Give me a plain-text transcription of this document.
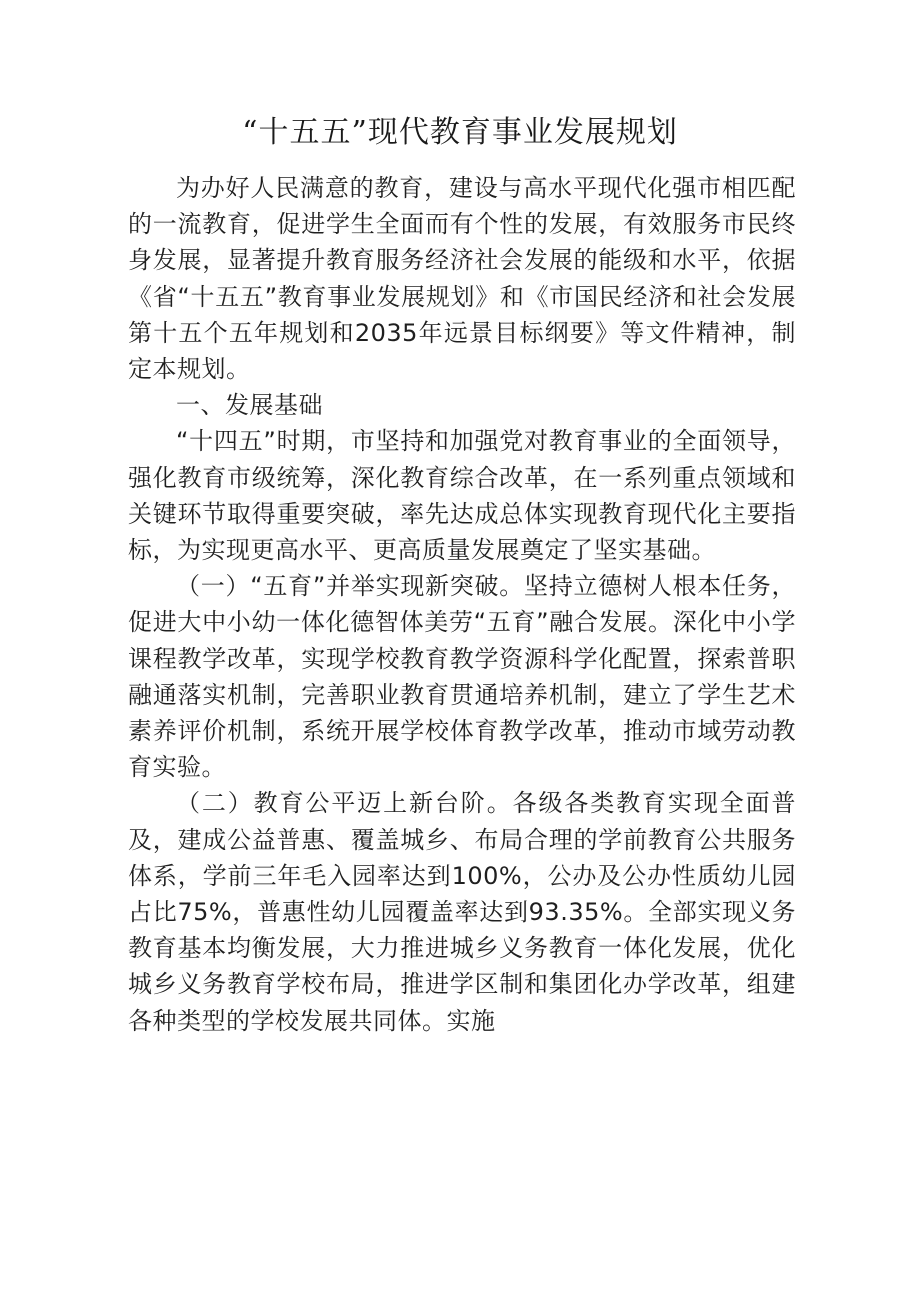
“十五五”现代教育事业发展规划

为办好人民满意的教育，建设与高水平现代化强市相匹配的一流教育，促进学生全面而有个性的发展，有效服务市民终身发展，显著提升教育服务经济社会发展的能级和水平，依据《省“十五五”教育事业发展规划》和《市国民经济和社会发展第十五个五年规划和2035年远景目标纲要》等文件精神，制定本规划。

一、发展基础

“十四五”时期，市坚持和加强党对教育事业的全面领导，强化教育市级统筹，深化教育综合改革，在一系列重点领域和关键环节取得重要突破，率先达成总体实现教育现代化主要指标，为实现更高水平、更高质量发展奠定了坚实基础。

（一）“五育”并举实现新突破。坚持立德树人根本任务，促进大中小幼一体化德智体美劳“五育”融合发展。深化中小学课程教学改革，实现学校教育教学资源科学化配置，探索普职融通落实机制，完善职业教育贯通培养机制，建立了学生艺术素养评价机制，系统开展学校体育教学改革，推动市域劳动教育实验。

（二）教育公平迈上新台阶。各级各类教育实现全面普及，建成公益普惠、覆盖城乡、布局合理的学前教育公共服务体系，学前三年毛入园率达到100%，公办及公办性质幼儿园占比75%，普惠性幼儿园覆盖率达到93.35%。全部实现义务教育基本均衡发展，大力推进城乡义务教育一体化发展，优化城乡义务教育学校布局，推进学区制和集团化办学改革，组建各种类型的学校发展共同体。实施
